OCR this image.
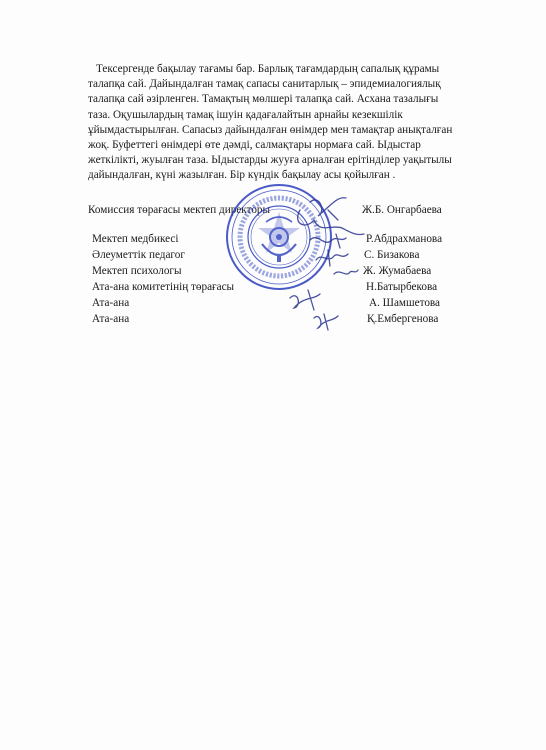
Тексергенде бақылау тағамы бар. Барлық тағамдардың сапалық құрамы
талапқа сай. Дайындалған тамақ сапасы санитарлық – эпидемиалогиялық
талапқа сай әзірленген. Тамақтың мөлшері талапқа сай. Асхана тазалығы
таза. Оқушылардың тамақ ішуін қадағалайтын арнайы кезекшілік
ұйымдастырылған. Сапасыз дайындалған өнімдер мен тамақтар анықталған
жоқ. Буфеттегі өнімдері өте дәмді, салмақтары нормаға сай. Ыдыстар
жеткілікті, жуылған таза. Ыдыстарды жууға арналған ерітінділер уақытылы
дайындалған, күні жазылған. Бір күндік бақылау асы қойылған .
Комиссия төрағасы мектеп директоры	Ж.Б. Онгарбаева
Мектеп медбикесі	Р.Абдрахманова
Әлеуметтік педагог	С. Бизакова
Мектеп психологы	Ж. Жумабаева
Ата-ана комитетінің төрағасы	Н.Батырбекова
Ата-ана	А. Шамшетова
Ата-ана	Қ.Ембергенова
